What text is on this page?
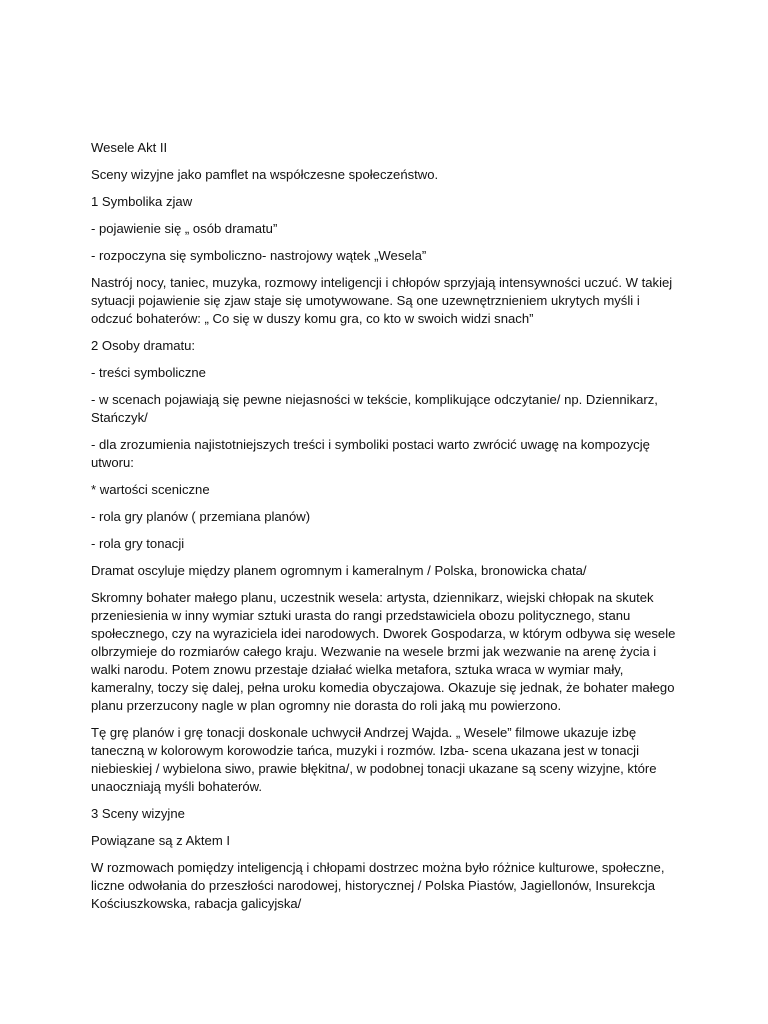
Wesele Akt II

Sceny wizyjne jako pamflet na współczesne społeczeństwo.

1 Symbolika zjaw

- pojawienie się „ osób dramatu”

- rozpoczyna się symboliczno- nastrojowy wątek „Wesela”

Nastrój nocy, taniec, muzyka, rozmowy inteligencji i chłopów sprzyjają intensywności uczuć. W takiej sytuacji pojawienie się zjaw staje się umotywowane. Są one uzewnętrznieniem ukrytych myśli i odczuć bohaterów: „ Co się w duszy komu gra, co kto w swoich widzi snach”

2 Osoby dramatu:

- treści symboliczne

- w scenach pojawiają się pewne niejasności w tekście, komplikujące odczytanie/ np. Dziennikarz, Stańczyk/

- dla zrozumienia najistotniejszych treści i symboliki postaci warto zwrócić uwagę na kompozycję utworu:

* wartości sceniczne

- rola gry planów ( przemiana planów)

- rola gry tonacji

Dramat oscyluje między planem ogromnym i kameralnym / Polska, bronowicka chata/

Skromny bohater małego planu, uczestnik wesela: artysta, dziennikarz, wiejski chłopak na skutek przeniesienia w inny wymiar sztuki urasta do rangi przedstawiciela obozu politycznego, stanu społecznego, czy na wyraziciela idei narodowych. Dworek Gospodarza, w którym odbywa się wesele olbrzymieje do rozmiarów całego kraju. Wezwanie na wesele brzmi jak wezwanie na arenę życia i walki narodu. Potem znowu przestaje działać wielka metafora, sztuka wraca w wymiar mały, kameralny, toczy się dalej, pełna uroku komedia obyczajowa. Okazuje się jednak, że bohater małego planu przerzucony nagle w plan ogromny nie dorasta do roli jaką mu powierzono.

Tę grę planów i grę tonacji doskonale uchwycił Andrzej Wajda. „ Wesele” filmowe ukazuje izbę taneczną w kolorowym korowodzie tańca, muzyki i rozmów. Izba- scena ukazana jest w tonacji niebieskiej / wybielona siwo, prawie błękitna/, w podobnej tonacji ukazane są sceny wizyjne, które unaoczniają myśli bohaterów.

3 Sceny wizyjne

Powiązane są z Aktem I

W rozmowach pomiędzy inteligencją i chłopami dostrzec można było różnice kulturowe, społeczne, liczne odwołania do przeszłości narodowej, historycznej / Polska Piastów, Jagiellonów, Insurekcja Kościuszkowska, rabacja galicyjska/
